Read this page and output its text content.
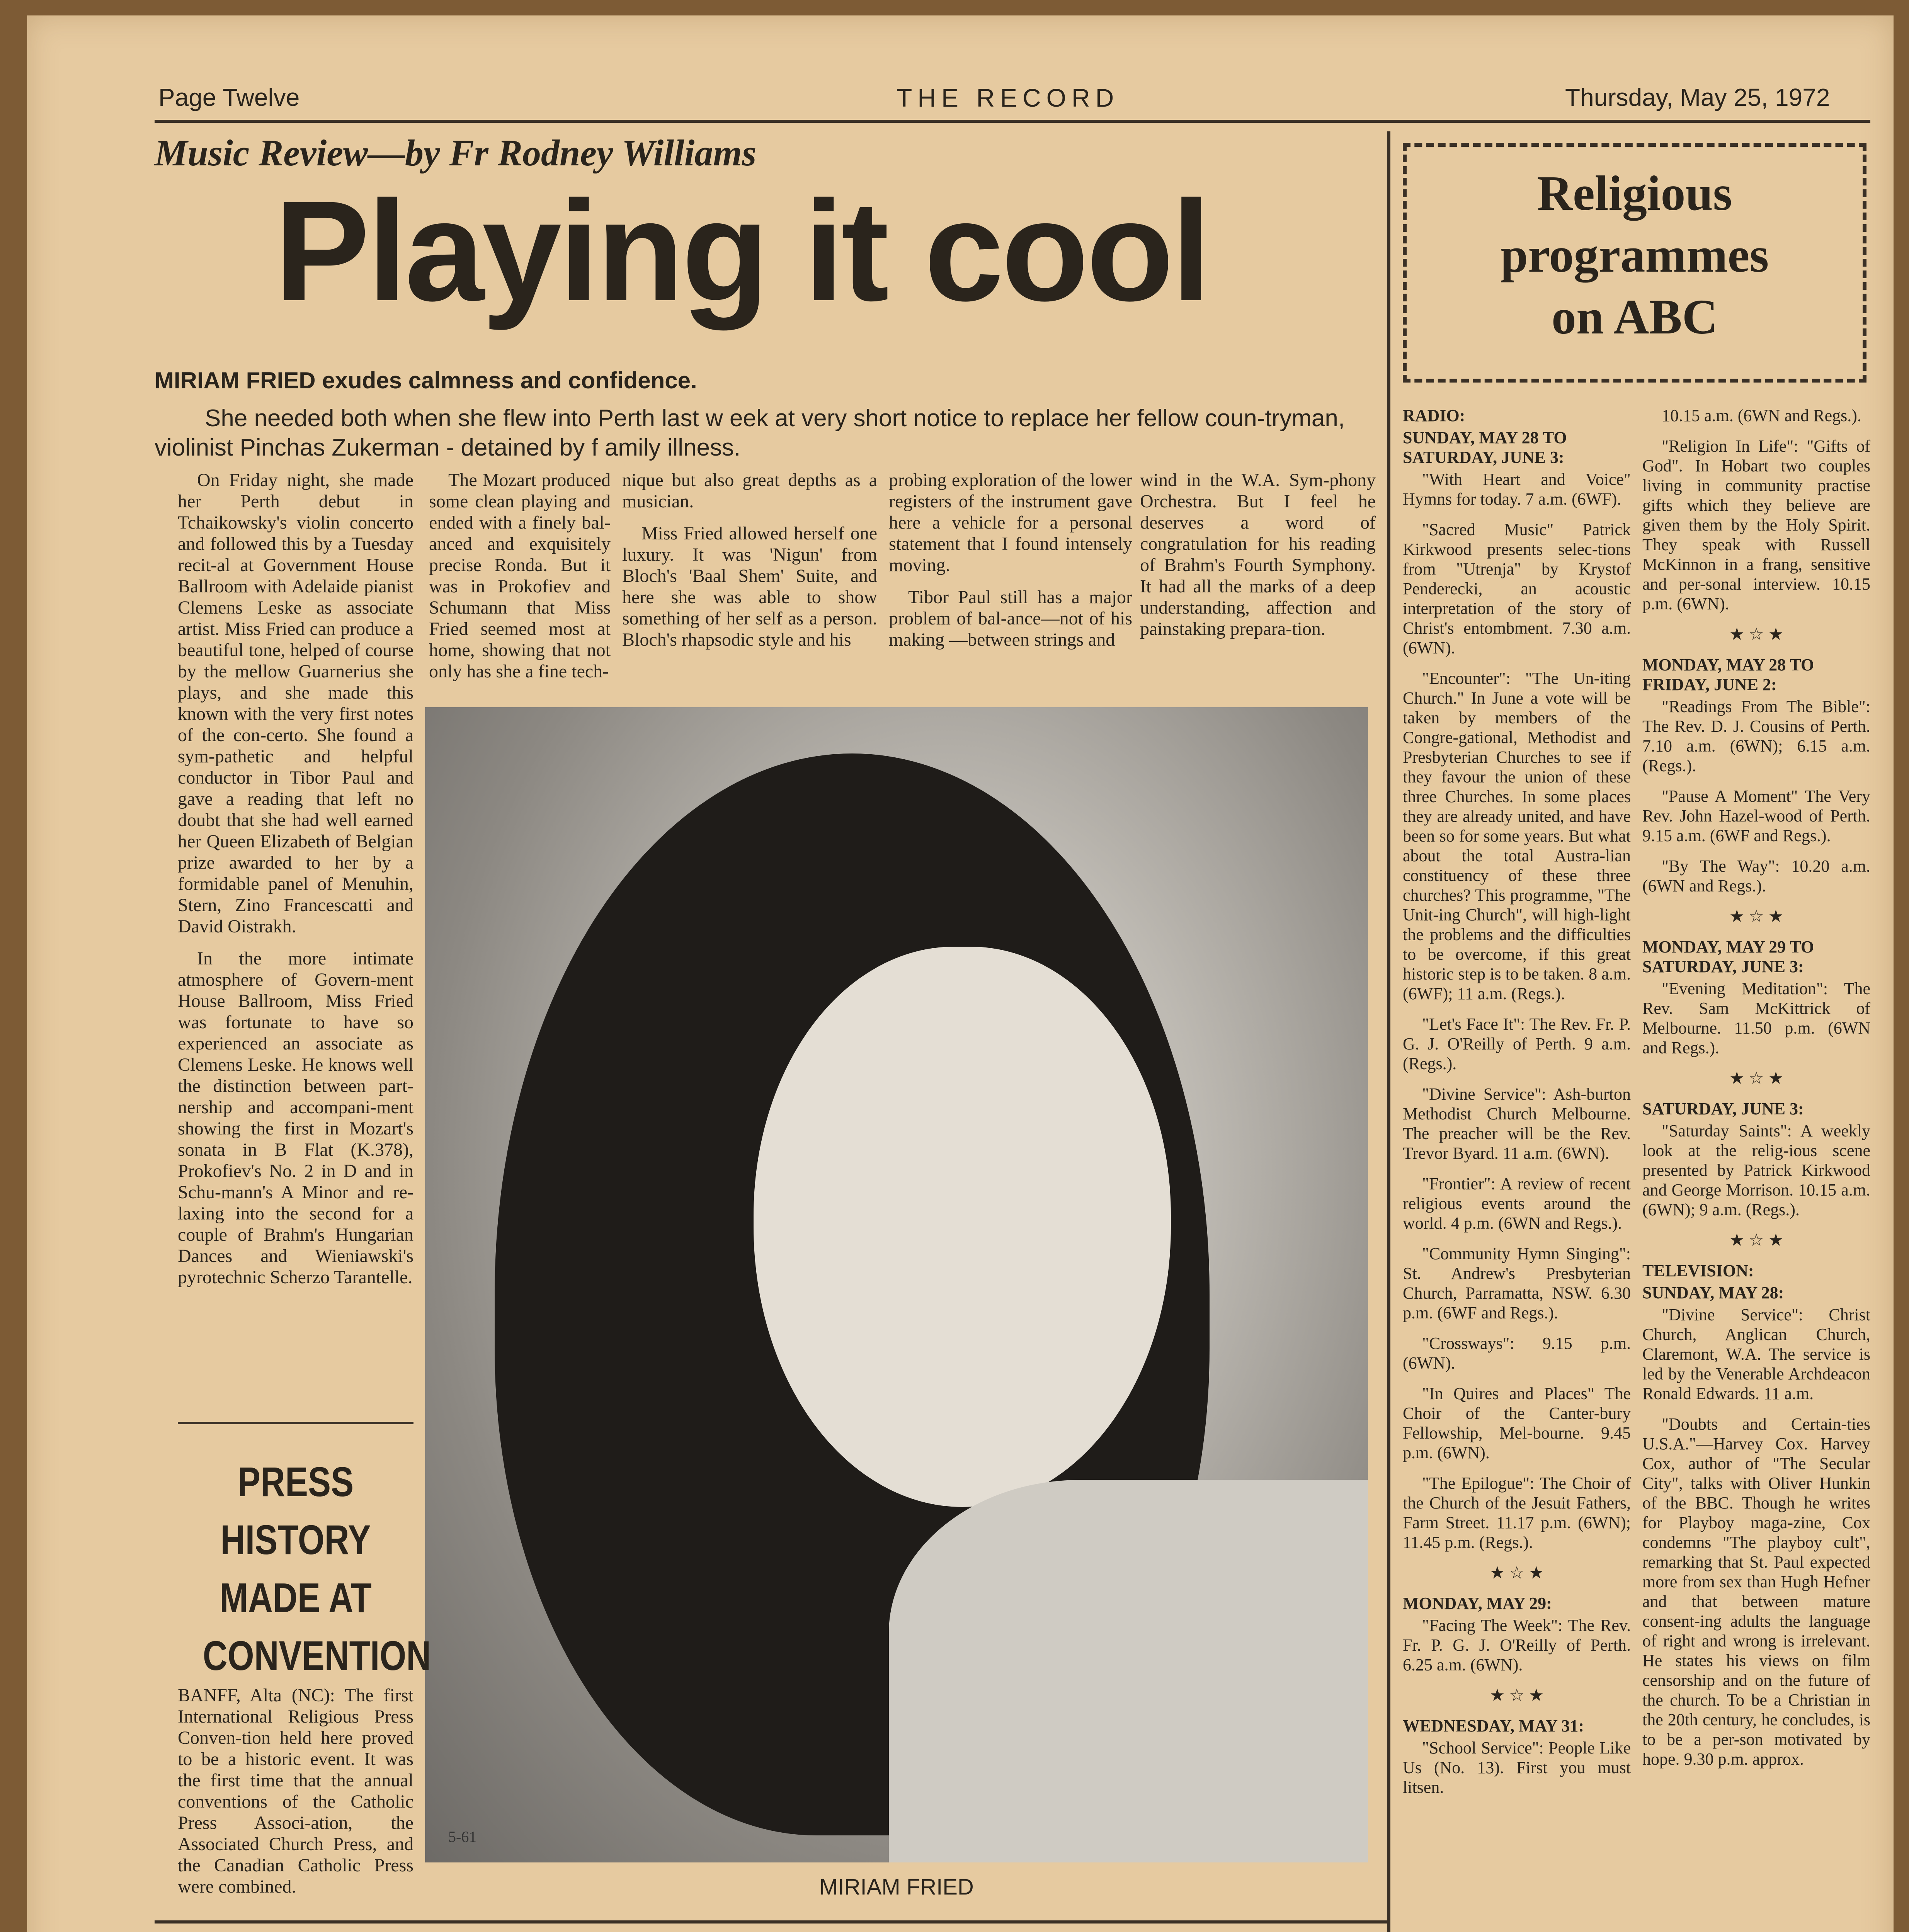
Page Twelve	THE RECORD	Thursday, May 25, 1972
Music Review—by Fr Rodney Williams
Playing it cool
MIRIAM FRIED exudes calmness and confidence.
She needed both when she flew into Perth last w eek at very short notice to replace her fellow coun-tryman, violinist Pinchas Zukerman - detained by f amily illness.

On Friday night, she made her Perth debut in Tchaikowsky's violin concerto and followed this by a Tuesday recit-al at Government House Ballroom with Adelaide pianist Clemens Leske as associate artist. Miss Fried can produce a beautiful tone, helped of course by the mellow Guarnerius she plays, and she made this known with the very first notes of the con-certo. She found a sym-pathetic and helpful conductor in Tibor Paul and gave a reading that left no doubt that she had well earned her Queen Elizabeth of Belgian prize awarded to her by a formidable panel of Menuhin, Stern, Zino Francescatti and David Oistrakh.

In the more intimate atmosphere of Govern-ment House Ballroom, Miss Fried was fortunate to have so experienced an associate as Clemens Leske. He knows well the distinction between part-nership and accompani-ment showing the first in Mozart's sonata in B Flat (K.378), Prokofiev's No. 2 in D and in Schu-mann's A Minor and re-laxing into the second for a couple of Brahm's Hungarian Dances and Wieniawski's pyrotechnic Scherzo Tarantelle.

The Mozart produced some clean playing and ended with a finely bal-anced and exquisitely precise Ronda. But it was in Prokofiev and Schumann that Miss Fried seemed most at home, showing that not only has she a fine tech-

nique but also great depths as a musician.

Miss Fried allowed herself one luxury. It was 'Nigun' from Bloch's 'Baal Shem' Suite, and here she was able to show something of her self as a person. Bloch's rhapsodic style and his

probing exploration of the lower registers of the instrument gave here a vehicle for a personal statement that I found intensely moving.

Tibor Paul still has a major problem of bal-ance—not of his making —between strings and

wind in the W.A. Sym-phony Orchestra. But I feel he deserves a word of congratulation for his reading of Brahm's Fourth Symphony. It had all the marks of a deep understanding, affection and painstaking prepara-tion.

5-61
MIRIAM FRIED
PRESS
HISTORY
MADE AT
CONVENTION
BANFF, Alta (NC): The first International Religious Press Conven-tion held here proved to be a historic event. It was the first time that the annual conventions of the Catholic Press Associ-ation, the Associated Church Press, and the Canadian Catholic Press were combined.
Religious
programmes
on ABC

RADIO:

SUNDAY, MAY 28 TO SATURDAY, JUNE 3:

"With Heart and Voice" Hymns for today. 7 a.m. (6WF).

"Sacred Music" Patrick Kirkwood presents selec-tions from "Utrenja" by Krystof Penderecki, an acoustic interpretation of the story of Christ's entombment. 7.30 a.m. (6WN).

"Encounter": "The Un-iting Church." In June a vote will be taken by members of the Congre-gational, Methodist and Presbyterian Churches to see if they favour the union of these three Churches. In some places they are already united, and have been so for some years. But what about the total Austra-lian constituency of these three churches? This programme, "The Unit-ing Church", will high-light the problems and the difficulties to be overcome, if this great historic step is to be taken. 8 a.m. (6WF); 11 a.m. (Regs.).

"Let's Face It": The Rev. Fr. P. G. J. O'Reilly of Perth. 9 a.m. (Regs.).

"Divine Service": Ash-burton Methodist Church Melbourne. The preacher will be the Rev. Trevor Byard. 11 a.m. (6WN).

"Frontier": A review of recent religious events around the world. 4 p.m. (6WN and Regs.).

"Community Hymn Singing": St. Andrew's Presbyterian Church, Parramatta, NSW. 6.30 p.m. (6WF and Regs.).

"Crossways": 9.15 p.m. (6WN).

"In Quires and Places" The Choir of the Canter-bury Fellowship, Mel-bourne. 9.45 p.m. (6WN).

"The Epilogue": The Choir of the Church of the Jesuit Fathers, Farm Street. 11.17 p.m. (6WN); 11.45 p.m. (Regs.).

★ ☆ ★

MONDAY, MAY 29:

"Facing The Week": The Rev. Fr. P. G. J. O'Reilly of Perth. 6.25 a.m. (6WN).

★ ☆ ★

WEDNESDAY, MAY 31:

"School Service": People Like Us (No. 13). First you must litsen.

10.15 a.m. (6WN and Regs.).

"Religion In Life": "Gifts of God". In Hobart two couples living in community practise gifts which they believe are given them by the Holy Spirit. They speak with Russell McKinnon in a frang, sensitive and per-sonal interview. 10.15 p.m. (6WN).

★ ☆ ★

MONDAY, MAY 28 TO FRIDAY, JUNE 2:

"Readings From The Bible": The Rev. D. J. Cousins of Perth. 7.10 a.m. (6WN); 6.15 a.m. (Regs.).

"Pause A Moment" The Very Rev. John Hazel-wood of Perth. 9.15 a.m. (6WF and Regs.).

"By The Way": 10.20 a.m. (6WN and Regs.).

★ ☆ ★

MONDAY, MAY 29 TO SATURDAY, JUNE 3:

"Evening Meditation": The Rev. Sam McKittrick of Melbourne. 11.50 p.m. (6WN and Regs.).

★ ☆ ★

SATURDAY, JUNE 3:

"Saturday Saints": A weekly look at the relig-ious scene presented by Patrick Kirkwood and George Morrison. 10.15 a.m. (6WN); 9 a.m. (Regs.).

★ ☆ ★

TELEVISION:

SUNDAY, MAY 28:

"Divine Service": Christ Church, Anglican Church, Claremont, W.A. The service is led by the Venerable Archdeacon Ronald Edwards. 11 a.m.

"Doubts and Certain-ties U.S.A."—Harvey Cox. Harvey Cox, author of "The Secular City", talks with Oliver Hunkin of the BBC. Though he writes for Playboy maga-zine, Cox condemns "The playboy cult", remarking that St. Paul expected more from sex than Hugh Hefner and that between mature consent-ing adults the language of right and wrong is irrelevant. He states his views on film censorship and on the future of the church. To be a Christian in the 20th century, he concludes, is to be a per-son motivated by hope. 9.30 p.m. approx.
